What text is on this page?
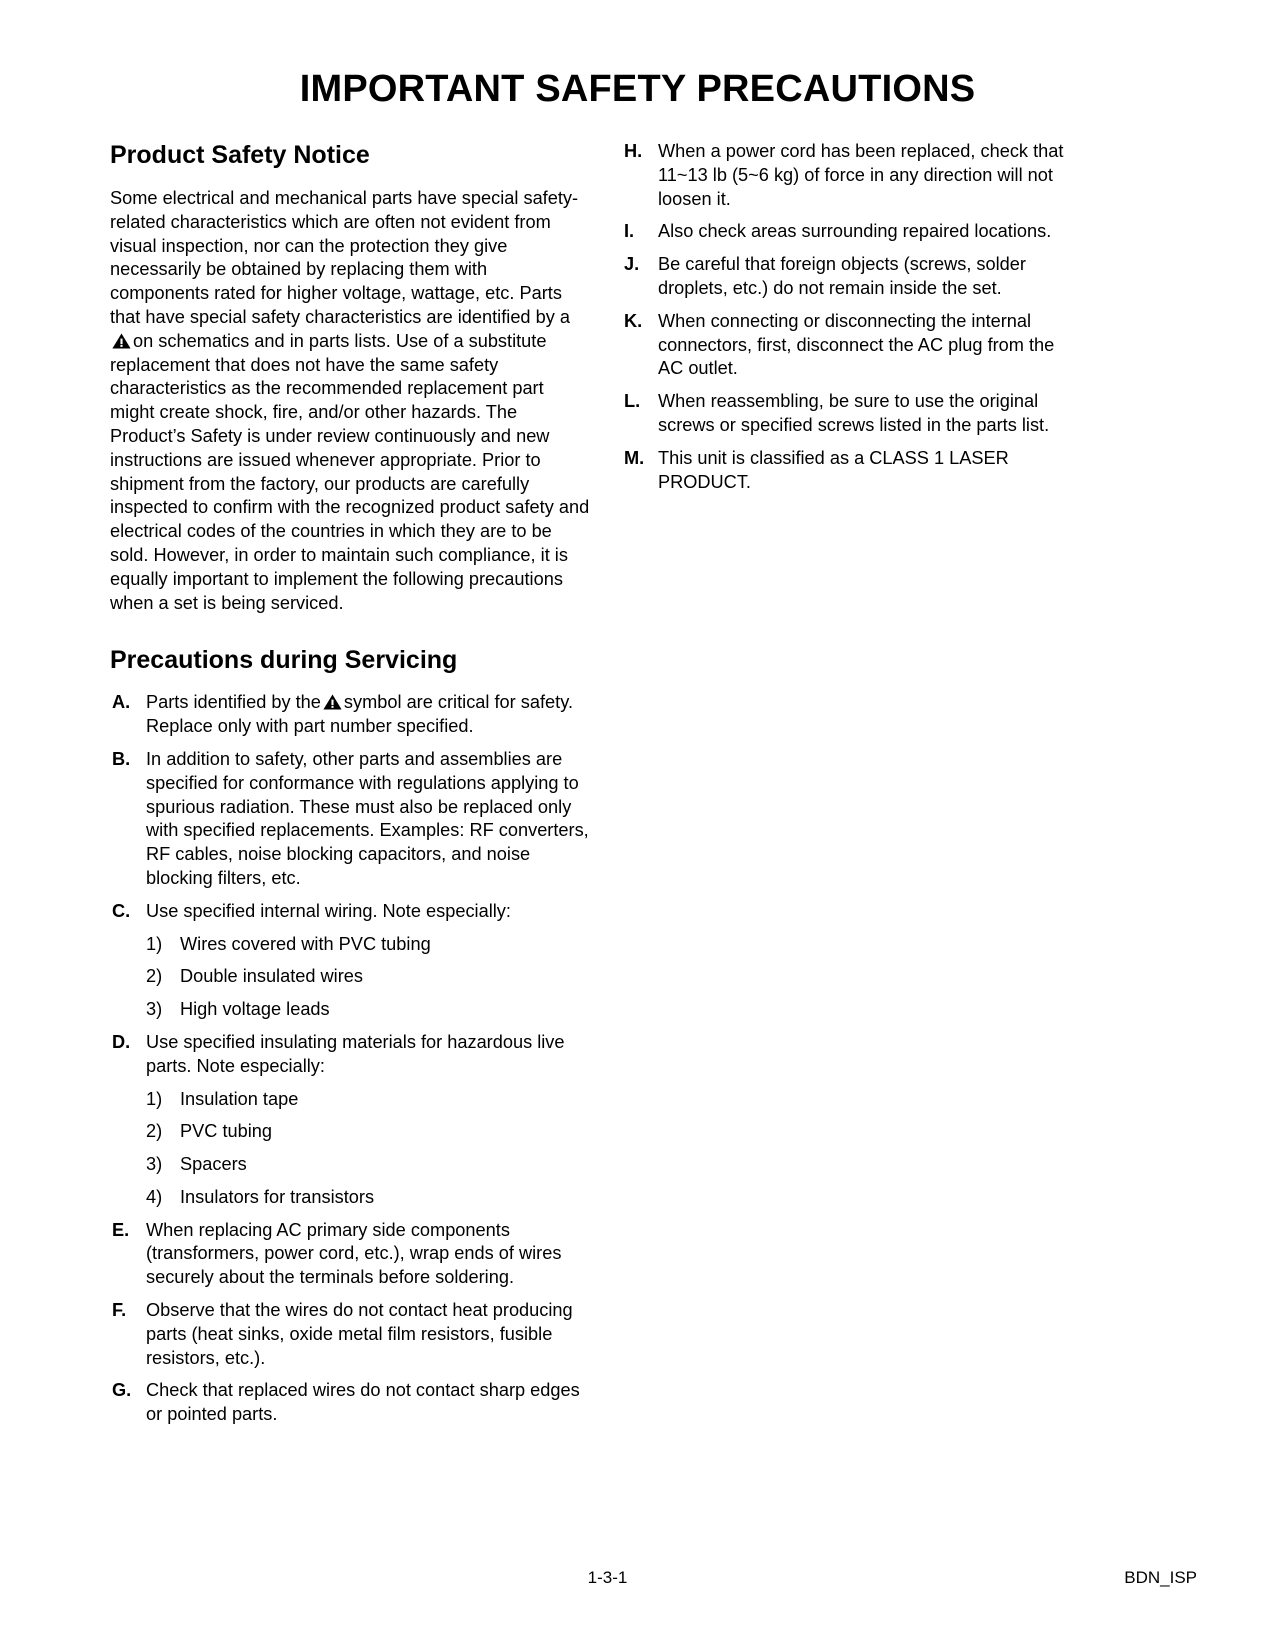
IMPORTANT SAFETY PRECAUTIONS
Product Safety Notice

Some electrical and mechanical parts have special safety-related characteristics which are often not evident from visual inspection, nor can the protection they give necessarily be obtained by replacing them with components rated for higher voltage, wattage, etc. Parts that have special safety characteristics are identified by a
on schematics and in parts lists. Use of a substitute replacement that does not have the same safety characteristics as the recommended replacement part might create shock, fire, and/or other hazards. The Product’s Safety is under review continuously and new instructions are issued whenever appropriate. Prior to shipment from the factory, our products are carefully inspected to confirm with the recognized product safety and electrical codes of the countries in which they are to be sold. However, in order to maintain such compliance, it is equally important to implement the following precautions when a set is being serviced.

Precautions during Servicing
A. Parts identified by the symbol are critical for safety. Replace only with part number specified.
B. In addition to safety, other parts and assemblies are specified for conformance with regulations applying to spurious radiation. These must also be replaced only with specified replacements. Examples: RF converters, RF cables, noise blocking capacitors, and noise blocking filters, etc.
C. Use specified internal wiring. Note especially:
1) Wires covered with PVC tubing
2) Double insulated wires
3) High voltage leads
D. Use specified insulating materials for hazardous live parts. Note especially:
1) Insulation tape
2) PVC tubing
3) Spacers
4) Insulators for transistors
E. When replacing AC primary side components (transformers, power cord, etc.), wrap ends of wires securely about the terminals before soldering.
F.	Observe that the wires do not contact heat producing parts (heat sinks, oxide metal film resistors, fusible resistors, etc.).
G. Check that replaced wires do not contact sharp edges or pointed parts.
H. When a power cord has been replaced, check that 11~13 lb (5~6 kg) of force in any direction will not loosen it.
I.	Also check areas surrounding repaired locations.
J.	Be careful that foreign objects (screws, solder droplets, etc.) do not remain inside the set.
K. When connecting or disconnecting the internal connectors, first, disconnect the AC plug from the AC outlet.
L. When reassembling, be sure to use the original screws or specified screws listed in the parts list.
M. This unit is classified as a CLASS 1 LASER PRODUCT.
1-3-1	BDN_ISP
